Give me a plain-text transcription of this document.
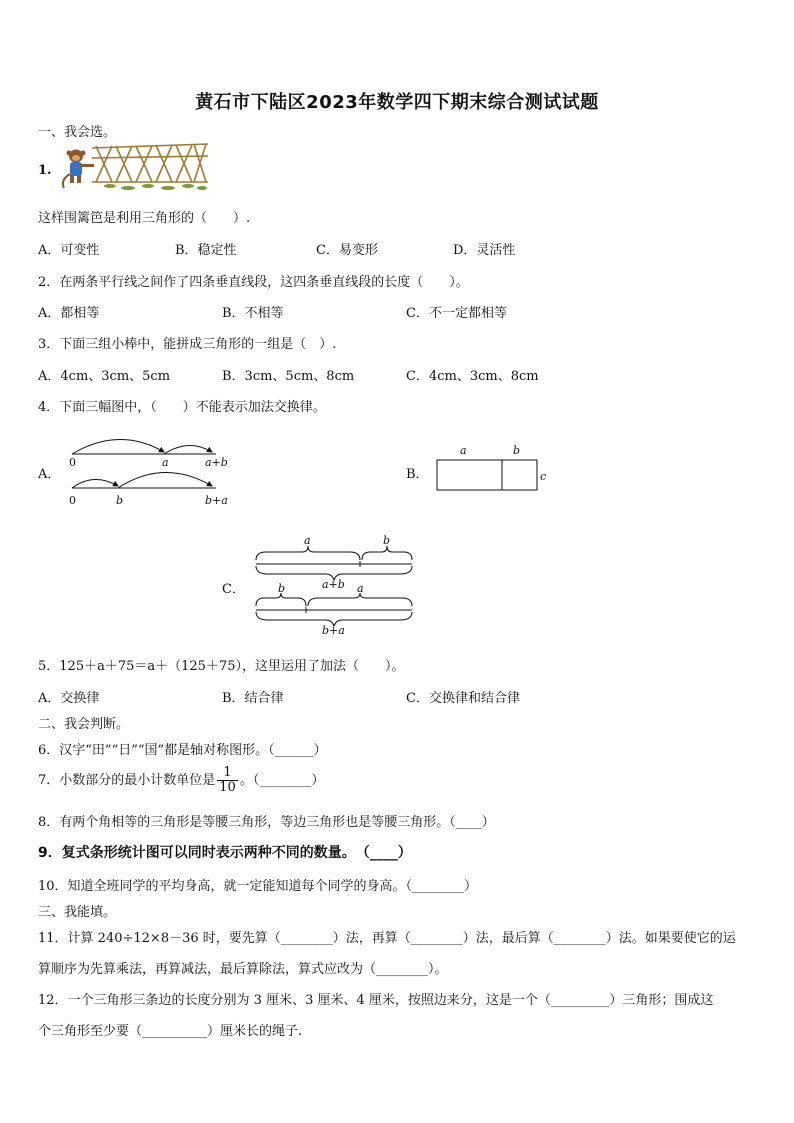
黄石市下陆区2023年数学四下期末综合测试试题
一、我会选。
1.
这样围篱笆是利用三角形的（　　）.
A．可变性	B．稳定性	C．易变形	D．灵活性
2．在两条平行线之间作了四条垂直线段，这四条垂直线段的长度（　　）。
A．都相等	B．不相等	C．不一定都相等
3．下面三组小棒中，能拼成三角形的一组是（　）.
A．4cm、3cm、5cm	B．3cm、5cm、8cm	C．4cm、3cm、8cm
4．下面三幅图中，（　　）不能表示加法交换律。
A．
0	a	a+b
0	b	b+a
B．
a	b
c
C．
a	b
a+b
b	a
b+a
5．125＋a＋75＝a＋（125＋75），这里运用了加法（　　）。
A．交换律	B．结合律	C．交换律和结合律
二、我会判断。
6．汉字“田”“日”“国”都是轴对称图形。（______）
7．小数部分的最小计数单位是 $\frac{1}{10}$ 。（________）
8．有两个角相等的三角形是等腰三角形，等边三角形也是等腰三角形。（____）
9．复式条形统计图可以同时表示两种不同的数量。　（____）
10．知道全班同学的平均身高，就一定能知道每个同学的身高。（________）
三、我能填。
11．计算 240÷12×8－36 时，要先算（________）法，再算（________）法，最后算（________）法。如果要使它的运
算顺序为先算乘法，再算减法，最后算除法，算式应改为（________）。
12．一个三角形三条边的长度分别为 3 厘米、3 厘米、4 厘米，按照边来分，这是一个（_________）三角形；围成这
个三角形至少要（__________）厘米长的绳子.
